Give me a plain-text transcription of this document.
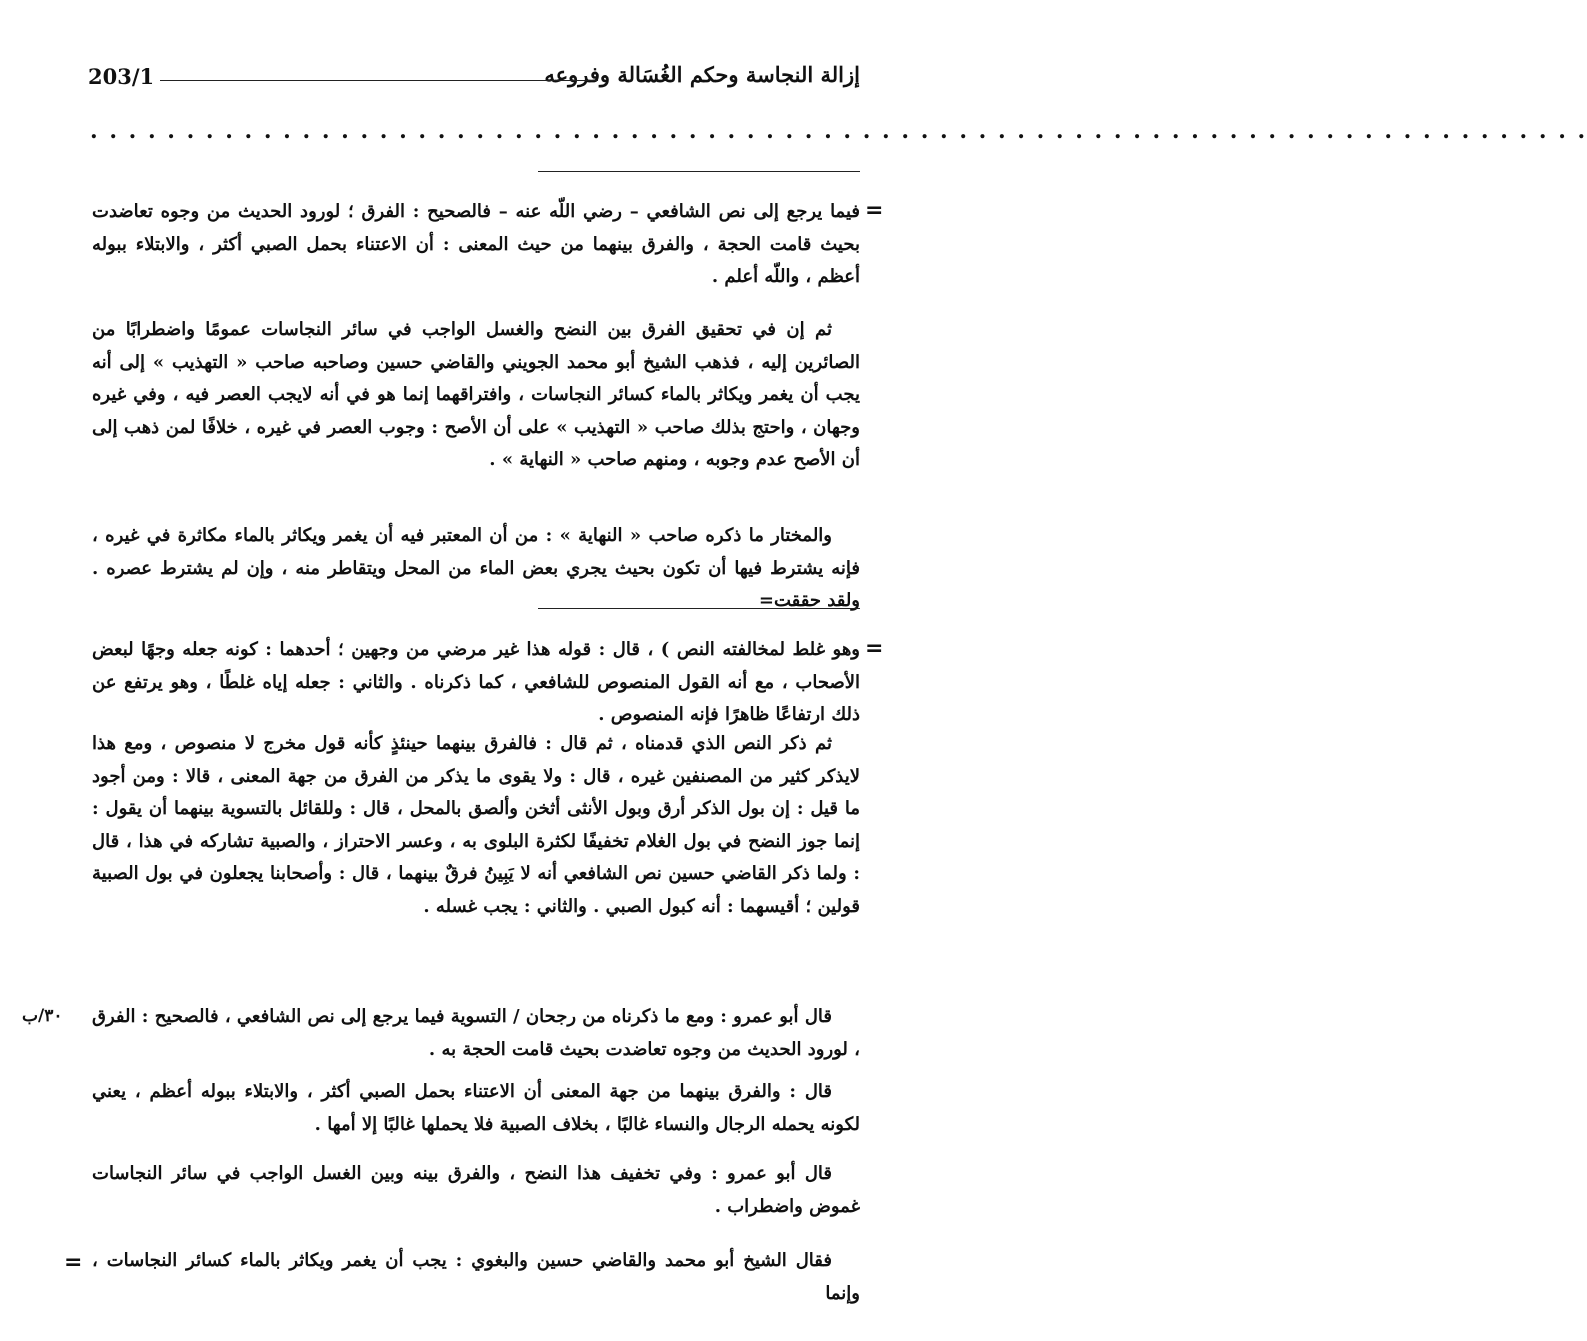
إزالة النجاسة وحكم الغُسَالة وفروعه
203/1
. . . . . . . . . . . . . . . . . . . . . . . . . . . . . . . . . . . . . . . . . . . . . . . . . . . . . . . . . . . . . . . . . . . . . . . . . . . . . .
=

فيما يرجع إلى نص الشافعي – رضي اللّه عنه – فالصحيح : الفرق ؛ لورود الحديث من وجوه تعاضدت بحيث قامت الحجة ، والفرق بينهما من حيث المعنى : أن الاعتناء بحمل الصبي أكثر ، والابتلاء ببوله أعظم ، واللّه أعلم .

ثم إن في تحقيق الفرق بين النضح والغسل الواجب في سائر النجاسات عمومًا واضطرابًا من الصائرين إليه ، فذهب الشيخ أبو محمد الجويني والقاضي حسين وصاحبه صاحب « التهذيب » إلى أنه يجب أن يغمر ويكاثر بالماء كسائر النجاسات ، وافتراقهما إنما هو في أنه لايجب العصر فيه ، وفي غيره وجهان ، واحتج بذلك صاحب « التهذيب » على أن الأصح : وجوب العصر في غيره ، خلافًا لمن ذهب إلى أن الأصح عدم وجوبه ، ومنهم صاحب « النهاية » .

والمختار ما ذكره صاحب « النهاية » : من أن المعتبر فيه أن يغمر ويكاثر بالماء مكاثرة في غيره ، فإنه يشترط فيها أن تكون بحيث يجري بعض الماء من المحل ويتقاطر منه ، وإن لم يشترط عصره . ولقد حققت=

=

وهو غلط لمخالفته النص ) ، قال : قوله هذا غير مرضي من وجهين ؛ أحدهما : كونه جعله وجهًا لبعض الأصحاب ، مع أنه القول المنصوص للشافعي ، كما ذكرناه . والثاني : جعله إياه غلطًا ، وهو يرتفع عن ذلك ارتفاعًا ظاهرًا فإنه المنصوص .

ثم ذكر النص الذي قدمناه ، ثم قال : فالفرق بينهما حينئذٍ كأنه قول مخرج لا منصوص ، ومع هذا لايذكر كثير من المصنفين غيره ، قال : ولا يقوى ما يذكر من الفرق من جهة المعنى ، قالا : ومن أجود ما قيل : إن بول الذكر أرق وبول الأنثى أثخن وألصق بالمحل ، قال : وللقائل بالتسوية بينهما أن يقول : إنما جوز النضح في بول الغلام تخفيفًا لكثرة البلوى به ، وعسر الاحتراز ، والصبية تشاركه في هذا ، قال : ولما ذكر القاضي حسين نص الشافعي أنه لا يَبِينُ فرقٌ بينهما ، قال : وأصحابنا يجعلون في بول الصبية قولين ؛ أقيسهما : أنه كبول الصبي . والثاني : يجب غسله .

قال أبو عمرو : ومع ما ذكرناه من رجحان / التسوية فيما يرجع إلى نص الشافعي ، فالصحيح : الفرق ، لورود الحديث من وجوه تعاضدت بحيث قامت الحجة به .

٣٠/ب

قال : والفرق بينهما من جهة المعنى أن الاعتناء بحمل الصبي أكثر ، والابتلاء ببوله أعظم ، يعني لكونه يحمله الرجال والنساء غالبًا ، بخلاف الصبية فلا يحملها غالبًا إلا أمها .

قال أبو عمرو : وفي تخفيف هذا النضح ، والفرق بينه وبين الغسل الواجب في سائر النجاسات غموض واضطراب .

فقال الشيخ أبو محمد والقاضي حسين والبغوي : يجب أن يغمر ويكاثر بالماء كسائر النجاسات ، وإنما

=
